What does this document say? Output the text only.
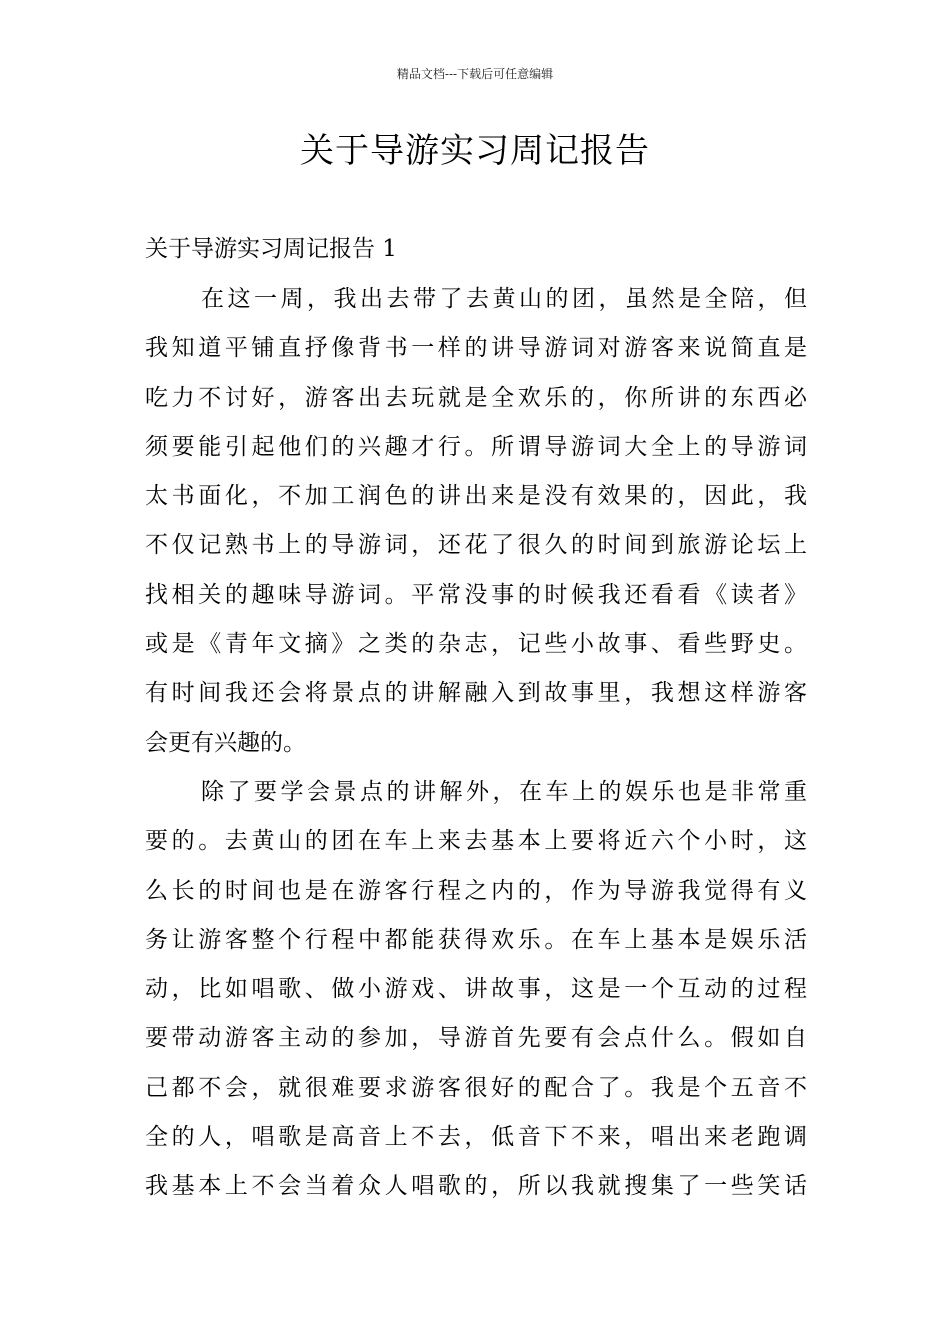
精品文档---下载后可任意编辑
关于导游实习周记报告
关于导游实习周记报告 1
在这一周，我出去带了去黄山的团，虽然是全陪，但
我知道平铺直抒像背书一样的讲导游词对游客来说简直是
吃力不讨好，游客出去玩就是全欢乐的，你所讲的东西必
须要能引起他们的兴趣才行。所谓导游词大全上的导游词
太书面化，不加工润色的讲出来是没有效果的，因此，我
不仅记熟书上的导游词，还花了很久的时间到旅游论坛上
找相关的趣味导游词。平常没事的时候我还看看《读者》
或是《青年文摘》之类的杂志，记些小故事、看些野史。
有时间我还会将景点的讲解融入到故事里，我想这样游客
会更有兴趣的。
除了要学会景点的讲解外，在车上的娱乐也是非常重
要的。去黄山的团在车上来去基本上要将近六个小时，这
么长的时间也是在游客行程之内的，作为导游我觉得有义
务让游客整个行程中都能获得欢乐。在车上基本是娱乐活
动，比如唱歌、做小游戏、讲故事，这是一个互动的过程
要带动游客主动的参加，导游首先要有会点什么。假如自
己都不会，就很难要求游客很好的配合了。我是个五音不
全的人，唱歌是高音上不去，低音下不来，唱出来老跑调
我基本上不会当着众人唱歌的，所以我就搜集了一些笑话
